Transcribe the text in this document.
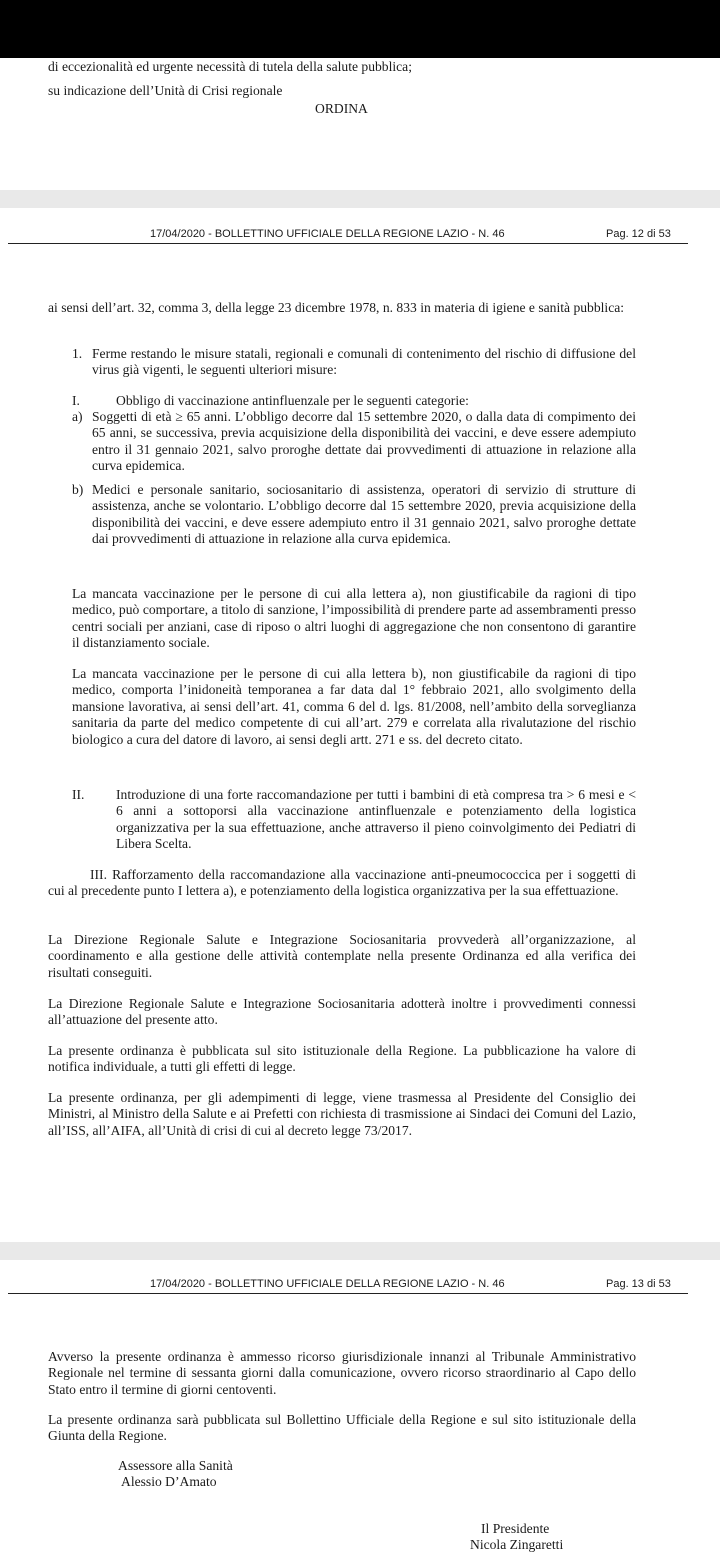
di eccezionalità ed urgente necessità di tutela della salute pubblica;
su indicazione dell’Unità di Crisi regionale
ORDINA
17/04/2020 - BOLLETTINO UFFICIALE DELLA REGIONE LAZIO - N. 46	Pag. 12 di 53
ai sensi dell’art. 32, comma 3, della legge 23 dicembre 1978, n. 833 in materia di igiene e sanità pubblica:
1. Ferme restando le misure statali, regionali e comunali di contenimento del rischio di diffusione del virus già vigenti, le seguenti ulteriori misure:
I.	Obbligo di vaccinazione antinfluenzale per le seguenti categorie:
a) Soggetti di età ≥ 65 anni. L’obbligo decorre dal 15 settembre 2020, o dalla data di compimento dei 65 anni, se successiva, previa acquisizione della disponibilità dei vaccini, e deve essere adempiuto entro il 31 gennaio 2021, salvo proroghe dettate dai provvedimenti di attuazione in relazione alla curva epidemica.
b) Medici e personale sanitario, sociosanitario di assistenza, operatori di servizio di strutture di assistenza, anche se volontario. L’obbligo decorre dal 15 settembre 2020, previa acquisizione della disponibilità dei vaccini, e deve essere adempiuto entro il 31 gennaio 2021, salvo proroghe dettate dai provvedimenti di attuazione in relazione alla curva epidemica.
La mancata vaccinazione per le persone di cui alla lettera a), non giustificabile da ragioni di tipo medico, può comportare, a titolo di sanzione, l’impossibilità di prendere parte ad assembramenti presso centri sociali per anziani, case di riposo o altri luoghi di aggregazione che non consentono di garantire il distanziamento sociale.
La mancata vaccinazione per le persone di cui alla lettera b), non giustificabile da ragioni di tipo medico, comporta l’inidoneità temporanea a far data dal 1° febbraio 2021, allo svolgimento della mansione lavorativa, ai sensi dell’art. 41, comma 6 del d. lgs. 81/2008, nell’ambito della sorveglianza sanitaria da parte del medico competente di cui all’art. 279 e correlata alla rivalutazione del rischio biologico a cura del datore di lavoro, ai sensi degli artt. 271 e ss. del decreto citato.
II.	Introduzione di una forte raccomandazione per tutti i bambini di età compresa tra > 6 mesi e < 6 anni a sottoporsi alla vaccinazione antinfluenzale e potenziamento della logistica organizzativa per la sua effettuazione, anche attraverso il pieno coinvolgimento dei Pediatri di Libera Scelta.
III. Rafforzamento della raccomandazione alla vaccinazione anti-pneumococcica per i soggetti di cui al precedente punto I lettera a), e potenziamento della logistica organizzativa per la sua effettuazione.
La Direzione Regionale Salute e Integrazione Sociosanitaria provvederà all’organizzazione, al coordinamento e alla gestione delle attività contemplate nella presente Ordinanza ed alla verifica dei risultati conseguiti.
La Direzione Regionale Salute e Integrazione Sociosanitaria adotterà inoltre i provvedimenti connessi all’attuazione del presente atto.
La presente ordinanza è pubblicata sul sito istituzionale della Regione. La pubblicazione ha valore di notifica individuale, a tutti gli effetti di legge.
La presente ordinanza, per gli adempimenti di legge, viene trasmessa al Presidente del Consiglio dei Ministri, al Ministro della Salute e ai Prefetti con richiesta di trasmissione ai Sindaci dei Comuni del Lazio, all’ISS, all’AIFA, all’Unità di crisi di cui al decreto legge 73/2017.
17/04/2020 - BOLLETTINO UFFICIALE DELLA REGIONE LAZIO - N. 46	Pag. 13 di 53
Avverso la presente ordinanza è ammesso ricorso giurisdizionale innanzi al Tribunale Amministrativo Regionale nel termine di sessanta giorni dalla comunicazione, ovvero ricorso straordinario al Capo dello Stato entro il termine di giorni centoventi.
La presente ordinanza sarà pubblicata sul Bollettino Ufficiale della Regione e sul sito istituzionale della Giunta della Regione.
Assessore alla Sanità
Alessio D’Amato
Il Presidente
Nicola Zingaretti
